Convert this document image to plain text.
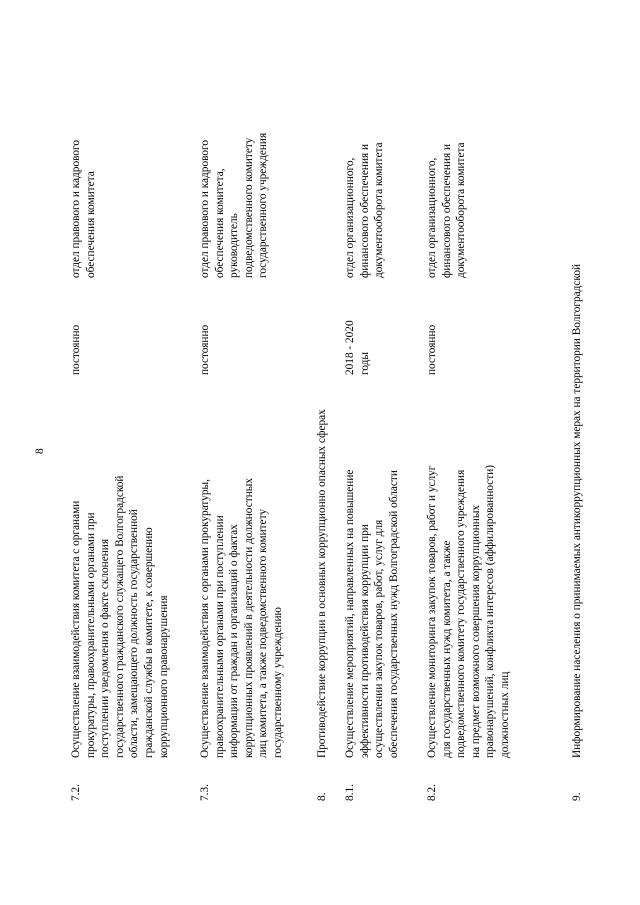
8
7.2.
Осуществление взаимодействия комитета с органами прокуратуры, правоохранительными органами при поступлении уведомления о факте склонения государственного гражданского служащего Волгоградской области, замещающего должность государственной гражданской службы в комитете, к совершению коррупционного правонарушения
постоянно
отдел правового и кадрового обеспечения комитета
7.3.
Осуществление взаимодействия с органами прокуратуры, правоохранительными органами при поступлении информации от граждан и организаций о фактах коррупционных проявлений в деятельности должностных лиц комитета, а также подведомственного комитету государственному учреждению
постоянно
отдел правового и кадрового обеспечения комитета, руководитель подведомственного комитету государственного учреждения
8.
Противодействие коррупции в основных коррупционно опасных сферах
8.1.
Осуществление мероприятий, направленных на повышение эффективности противодействия коррупции при осуществлении закупок товаров, работ, услуг для обеспечения государственных нужд Волгоградской области
2018 - 2020 годы
отдел организационного, финансового обеспечения и документооборота комитета
8.2.
Осуществление мониторинга закупок товаров, работ и услуг для государственных нужд комитета, а также подведомственного комитету государственного учреждения на предмет возможного совершения коррупционных правонарушений, конфликта интересов (аффилированности) должностных лиц
постоянно
отдел организационного, финансового обеспечения и документооборота комитета
9.
Информирование населения о принимаемых антикоррупционных мерах на территории Волгоградской
